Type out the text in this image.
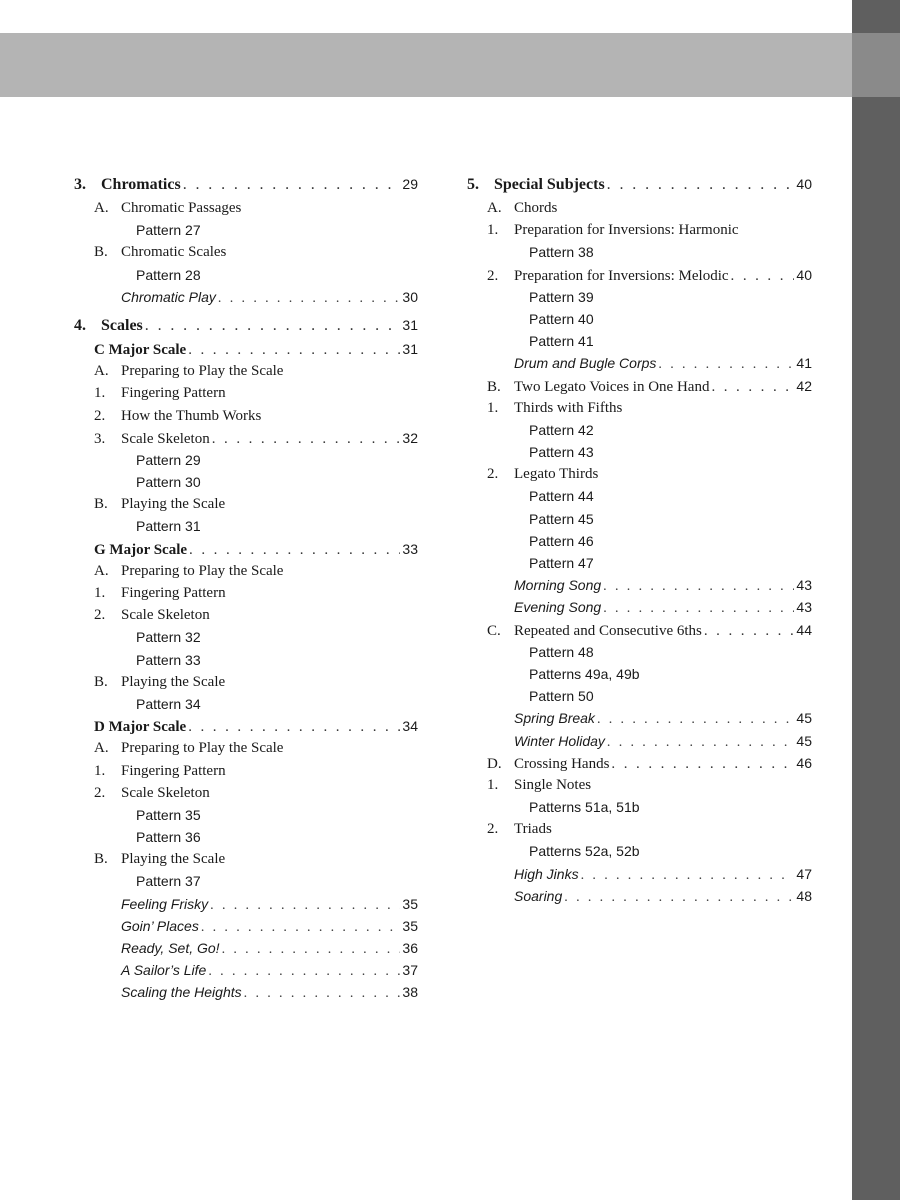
3. Chromatics . . .	29
A. Chromatic Passages
Pattern 27
B. Chromatic Scales
Pattern 28
Chromatic Play . . .	30
4. Scales . . .	31
C Major Scale . . .	31
A. Preparing to Play the Scale
1. Fingering Pattern
2. How the Thumb Works
3. Scale Skeleton . . .	32
Pattern 29
Pattern 30
B. Playing the Scale
Pattern 31
G Major Scale . . .	33
A. Preparing to Play the Scale
1. Fingering Pattern
2. Scale Skeleton
Pattern 32
Pattern 33
B. Playing the Scale
Pattern 34
D Major Scale . . .	34
A. Preparing to Play the Scale
1. Fingering Pattern
2. Scale Skeleton
Pattern 35
Pattern 36
B. Playing the Scale
Pattern 37
Feeling Frisky . . .	35
Goin’ Places . . .	35
Ready, Set, Go! . . .	36
A Sailor’s Life . . .	37
Scaling the Heights . . .	38
5. Special Subjects . . .	40
A. Chords
1. Preparation for Inversions: Harmonic
Pattern 38
2. Preparation for Inversions: Melodic . . .	40
Pattern 39
Pattern 40
Pattern 41
Drum and Bugle Corps . . .	41
B. Two Legato Voices in One Hand . . .	42
1. Thirds with Fifths
Pattern 42
Pattern 43
2. Legato Thirds
Pattern 44
Pattern 45
Pattern 46
Pattern 47
Morning Song . . .	43
Evening Song . . .	43
C. Repeated and Consecutive 6ths . . .	44
Pattern 48
Patterns 49a, 49b
Pattern 50
Spring Break . . .	45
Winter Holiday . . .	45
D. Crossing Hands . . .	46
1. Single Notes
Patterns 51a, 51b
2. Triads
Patterns 52a, 52b
High Jinks . . .	47
Soaring . . .	48
